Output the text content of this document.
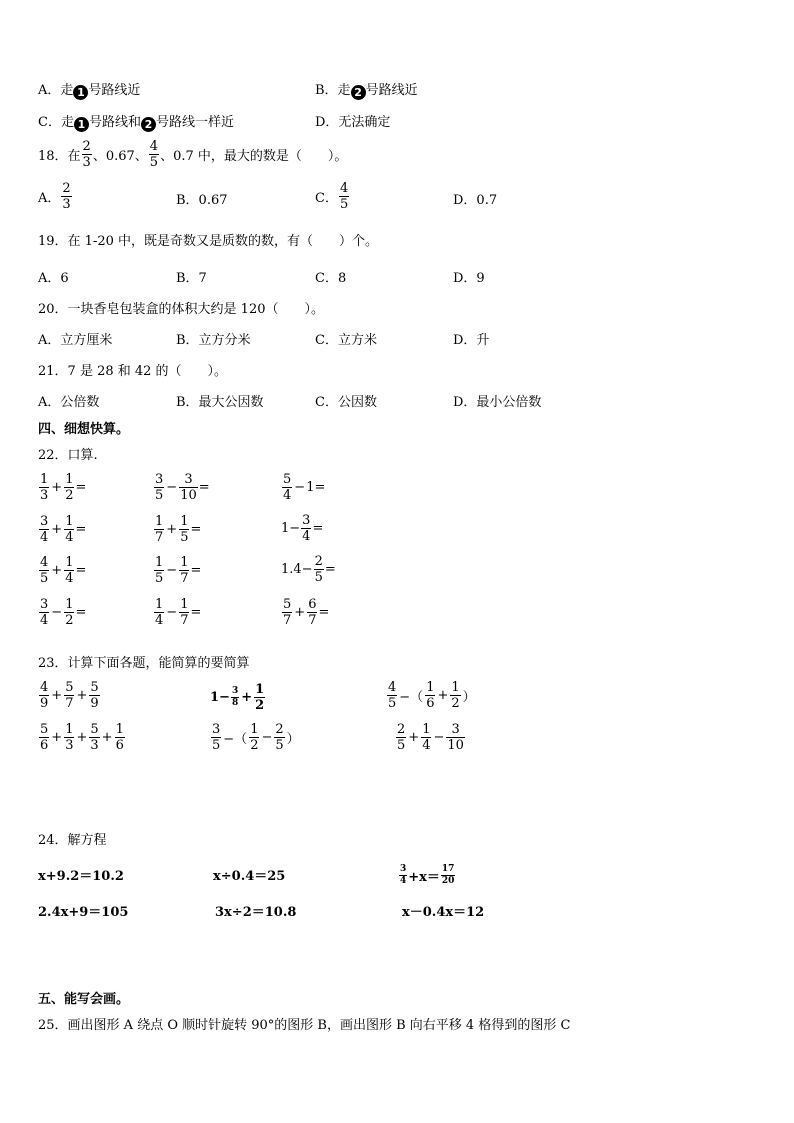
A．走 1 号路线近	B．走 2 号路线近
C．走 1 号路线和 2 号路线一样近	D．无法确定
18．在 $\frac{2}{3}$ 、0.67、 $\frac{4}{5}$ 、0.7 中，最大的数是（　　）。
A． $\frac{2}{3}$	B．0.67	C． $\frac{4}{5}$	D．0.7
19．在 1-20 中，既是奇数又是质数的数，有（　　）个。
A．6	B．7	C．8	D．9
20．一块香皂包装盒的体积大约是 120（　　）。
A．立方厘米	B．立方分米	C．立方米	D．升
21．7 是 28 和 42 的（　　）。
A．公倍数	B．最大公因数	C．公因数	D．最小公倍数
四、细想快算。
22．口算.
$\frac{1}{3} + \frac{1}{2}$ =	$\frac{3}{5} - \frac{3}{10}$ =	$\frac{5}{4} - 1=$
$\frac{3}{4} + \frac{1}{4}$ =	$\frac{1}{7} + \frac{1}{5}$ =	$1- \frac{3}{4}$ =
$\frac{4}{5} + \frac{1}{4}$ =	$\frac{1}{5} - \frac{1}{7}$ =	$1.4- \frac{2}{5}$ =
$\frac{3}{4} - \frac{1}{2}$ =	$\frac{1}{4} - \frac{1}{7}$ =	$\frac{5}{7} + \frac{6}{7}$ =
23．计算下面各题，能简算的要简算
$\frac{4}{9} + \frac{5}{7} + \frac{5}{9}$	$1- \frac{3}{8} + \frac{1}{2}$	$\frac{4}{5}$ −（ $\frac{1}{6} + \frac{1}{2}$ ）
$\frac{5}{6} + \frac{1}{3} + \frac{5}{3} + \frac{1}{6}$	$\frac{3}{5}$ −（ $\frac{1}{2} - \frac{2}{5}$ ）	$\frac{2}{5} + \frac{1}{4} - \frac{3}{10}$
24．解方程
x+9.2＝10.2	x÷0.4＝25	$\frac{3}{4} +x= \frac{17}{20}$
2.4x+9＝105	3x÷2＝10.8	x－0.4x＝12
五、能写会画。
25．画出图形 A 绕点 O 顺时针旋转 90°的图形 B，画出图形 B 向右平移 4 格得到的图形 C
